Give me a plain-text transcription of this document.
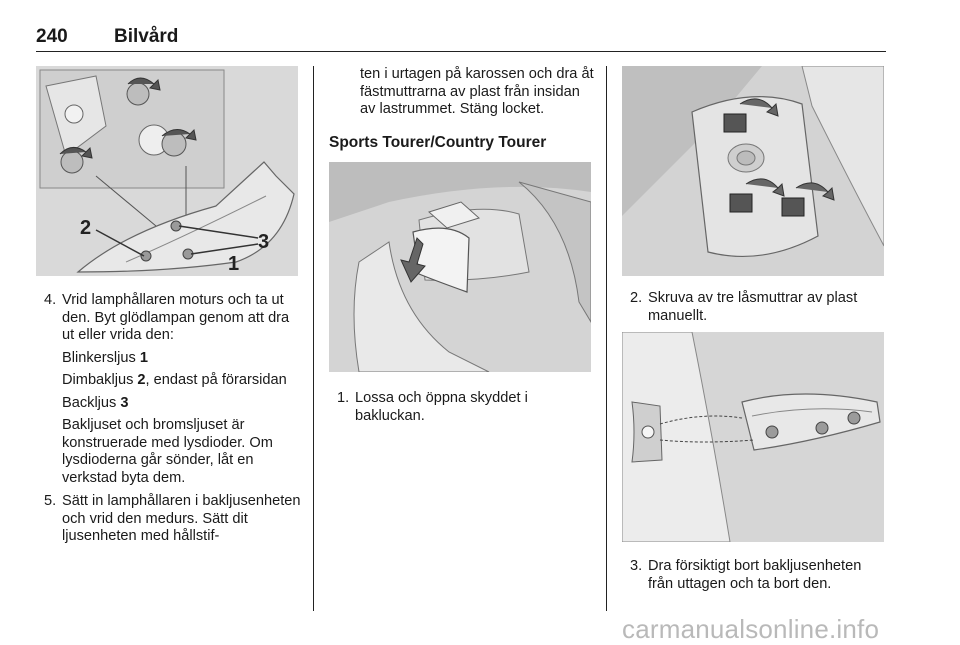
240 Bilvård
2
3
1
4. Vrid lamphållaren moturs och ta ut den. Byt glödlampan genom att dra ut eller vrida den:
Blinkersljus 1
Dimbakljus 2, endast på förarsidan
Backljus 3
Bakljuset och bromsljuset är konstruerade med lysdioder. Om lysdioderna går sönder, låt en verkstad byta dem.
5. Sätt in lamphållaren i bakljusenheten och vrid den medurs. Sätt dit ljusenheten med hållstif-
ten i urtagen på karossen och dra åt fästmuttrarna av plast från insidan av lastrummet. Stäng locket.
Sports Tourer/Country Tourer
1. Lossa och öppna skyddet i bakluckan.
2. Skruva av tre låsmuttrar av plast manuellt.
3. Dra försiktigt bort bakljusenheten från uttagen och ta bort den.
carmanualsonline.info
